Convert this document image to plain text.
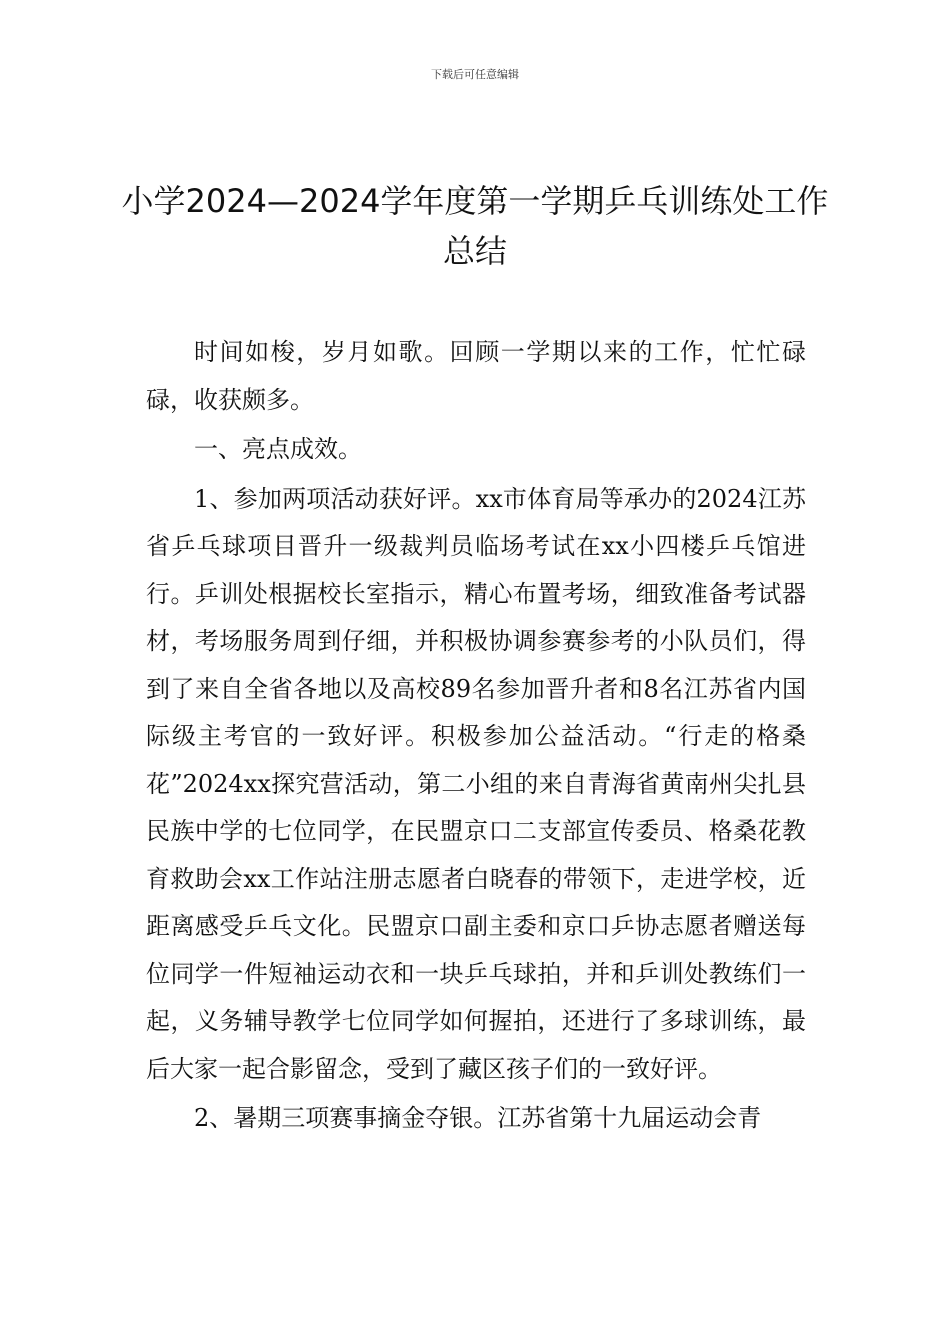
下载后可任意编辑
小学2024—2024学年度第一学期乒乓训练处工作总结

时间如梭，岁月如歌。回顾一学期以来的工作，忙忙碌碌，收获颇多。

一、亮点成效。

1、参加两项活动获好评。xx市体育局等承办的2024江苏省乒乓球项目晋升一级裁判员临场考试在xx小四楼乒乓馆进行。乒训处根据校长室指示，精心布置考场，细致准备考试器材，考场服务周到仔细，并积极协调参赛参考的小队员们，得到了来自全省各地以及高校89名参加晋升者和8名江苏省内国际级主考官的一致好评。积极参加公益活动。“行走的格桑花”2024xx探究营活动，第二小组的来自青海省黄南州尖扎县民族中学的七位同学，在民盟京口二支部宣传委员、格桑花教育救助会xx工作站注册志愿者白晓春的带领下，走进学校，近距离感受乒乓文化。民盟京口副主委和京口乒协志愿者赠送每位同学一件短袖运动衣和一块乒乓球拍，并和乒训处教练们一起，义务辅导教学七位同学如何握拍，还进行了多球训练，最后大家一起合影留念，受到了藏区孩子们的一致好评。

2、暑期三项赛事摘金夺银。江苏省第十九届运动会青
